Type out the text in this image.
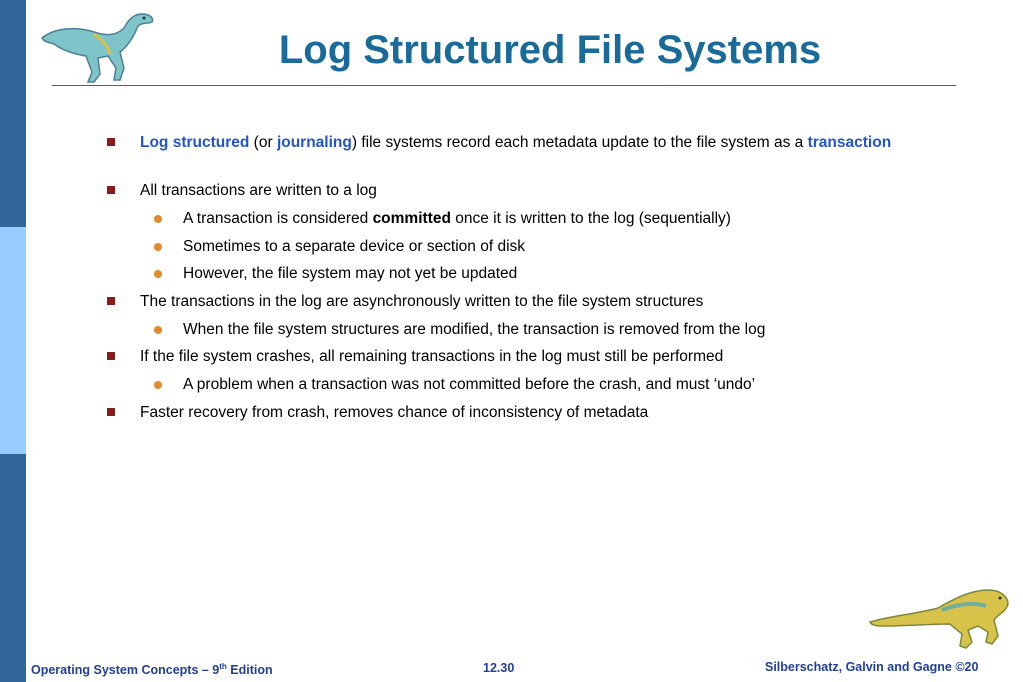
Log Structured File Systems
Log structured (or journaling) file systems record each metadata update to the file system as a transaction
All transactions are written to a log
A transaction is considered committed once it is written to the log (sequentially)
Sometimes to a separate device or section of disk
However, the file system may not yet be updated
The transactions in the log are asynchronously written to the file system structures
When the file system structures are modified, the transaction is removed from the log
If the file system crashes, all remaining transactions in the log must still be performed
A problem when a transaction was not committed before the crash, and must ‘undo’
Faster recovery from crash, removes chance of inconsistency of metadata
Operating System Concepts – 9th Edition	12.30	Silberschatz, Galvin and Gagne ©20
